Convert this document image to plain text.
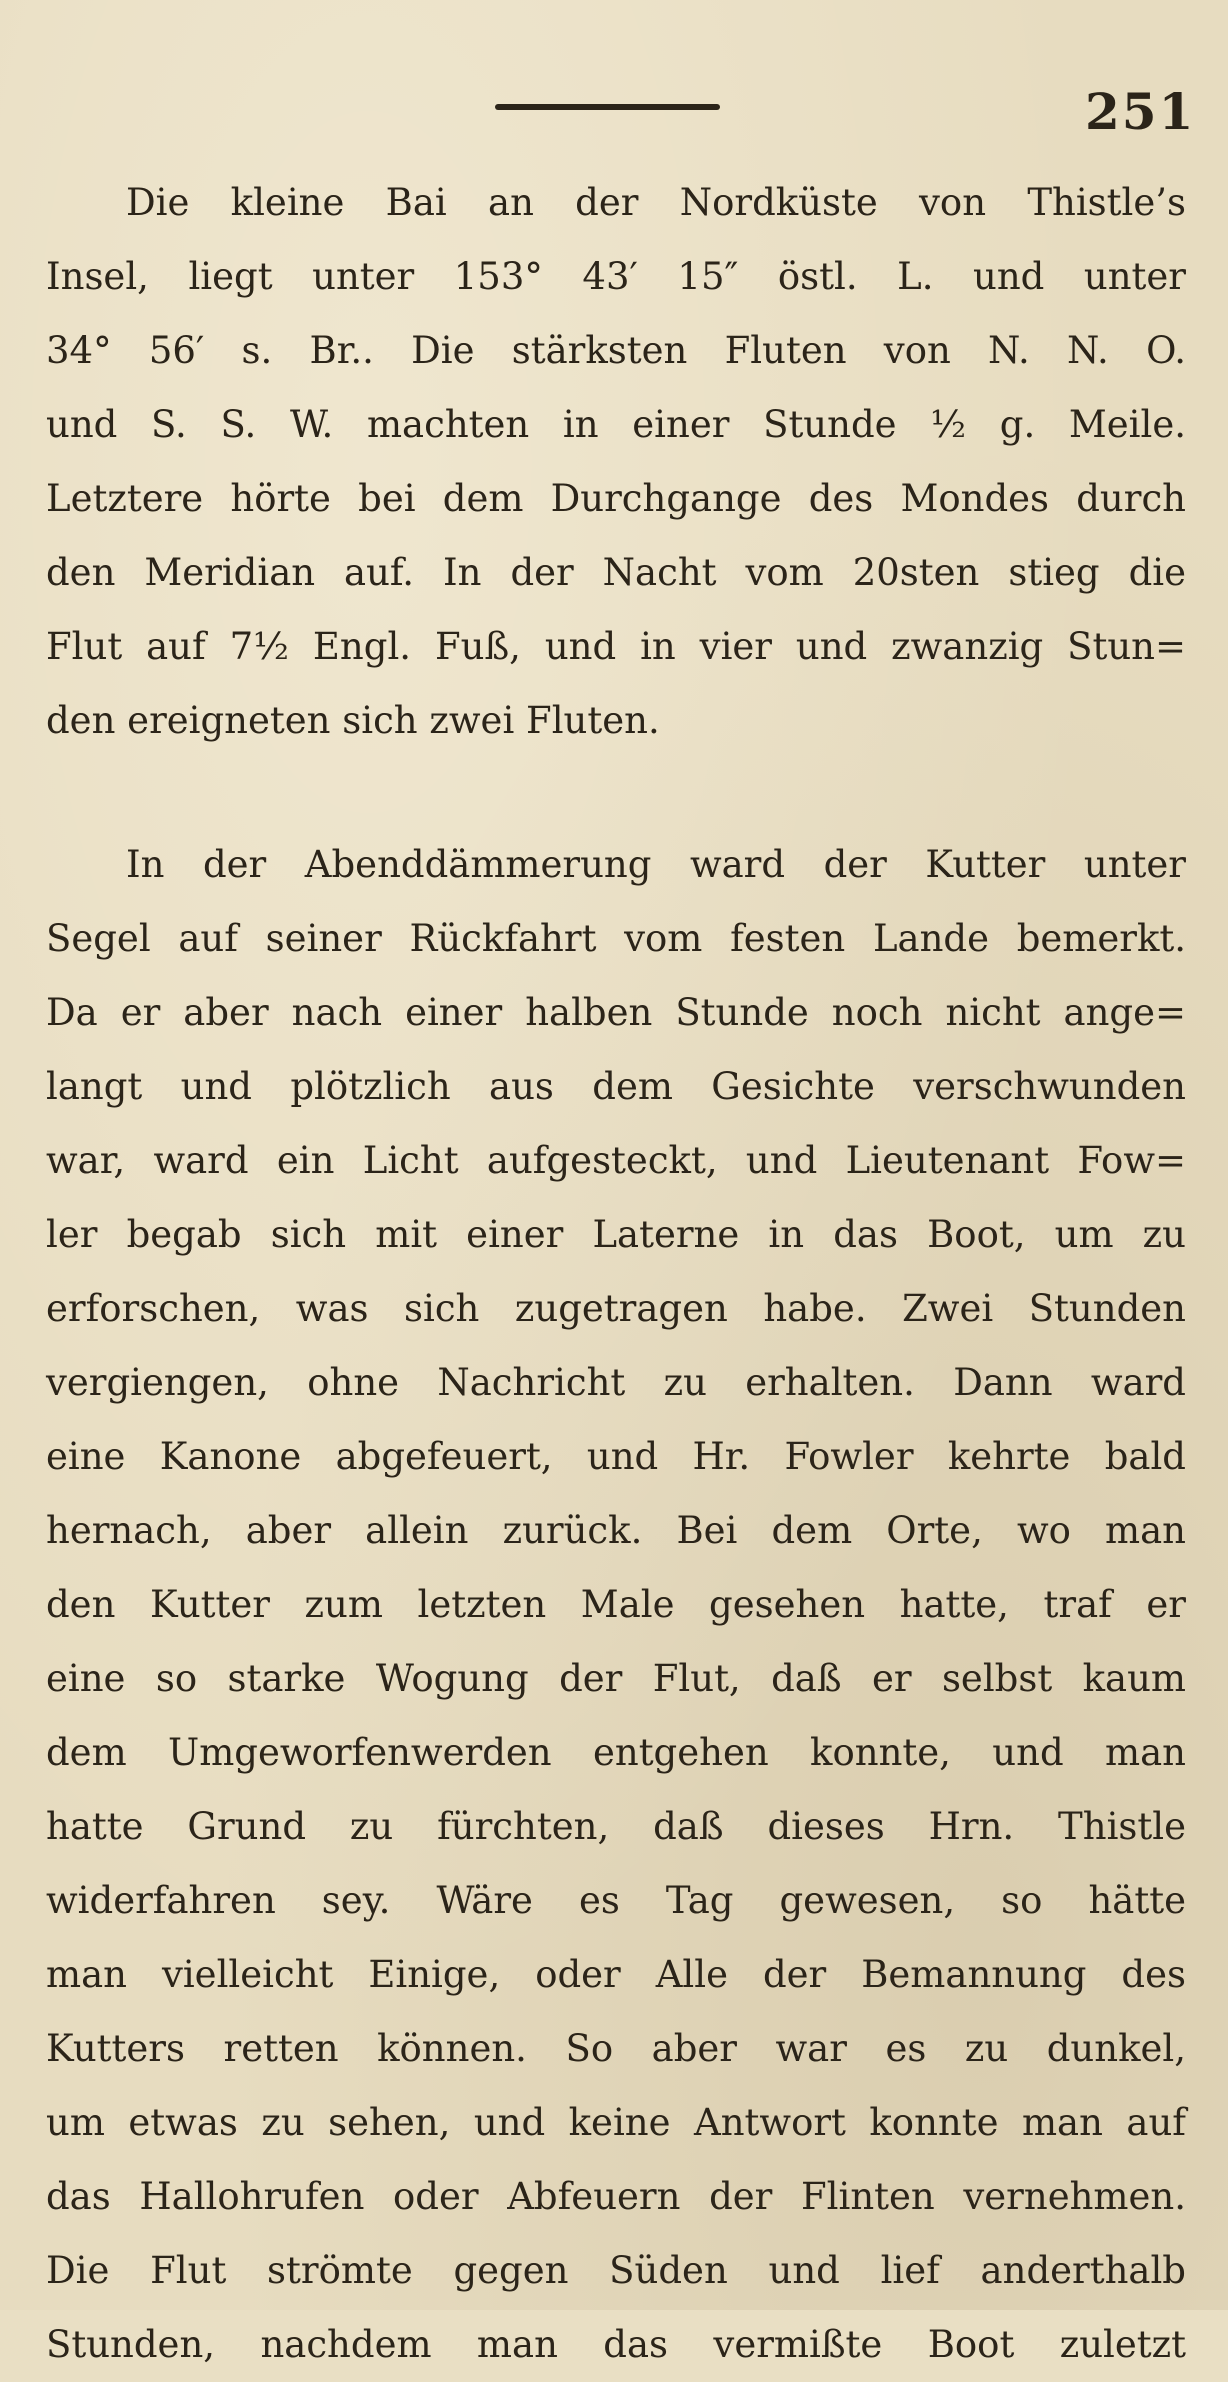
251
Die kleine Bai an der Nordküste von Thistle’s
Insel, liegt unter 153° 43′ 15″ östl. L. und unter
34° 56′ s. Br.. Die stärksten Fluten von N. N. O.
und S. S. W. machten in einer Stunde ½ g. Meile.
Letztere hörte bei dem Durchgange des Mondes durch
den Meridian auf. In der Nacht vom 20sten stieg die
Flut auf 7½ Engl. Fuß, und in vier und zwanzig Stun=
den ereigneten sich zwei Fluten.
In der Abenddämmerung ward der Kutter unter
Segel auf seiner Rückfahrt vom festen Lande bemerkt.
Da er aber nach einer halben Stunde noch nicht ange=
langt und plötzlich aus dem Gesichte verschwunden
war, ward ein Licht aufgesteckt, und Lieutenant Fow=
ler begab sich mit einer Laterne in das Boot, um zu
erforschen, was sich zugetragen habe. Zwei Stunden
vergiengen, ohne Nachricht zu erhalten. Dann ward
eine Kanone abgefeuert, und Hr. Fowler kehrte bald
hernach, aber allein zurück. Bei dem Orte, wo man
den Kutter zum letzten Male gesehen hatte, traf er
eine so starke Wogung der Flut, daß er selbst kaum
dem Umgeworfenwerden entgehen konnte, und man
hatte Grund zu fürchten, daß dieses Hrn. Thistle
widerfahren sey. Wäre es Tag gewesen, so hätte
man vielleicht Einige, oder Alle der Bemannung des
Kutters retten können. So aber war es zu dunkel,
um etwas zu sehen, und keine Antwort konnte man auf
das Hallohrufen oder Abfeuern der Flinten vernehmen.
Die Flut strömte gegen Süden und lief anderthalb
Stunden, nachdem man das vermißte Boot zuletzt
